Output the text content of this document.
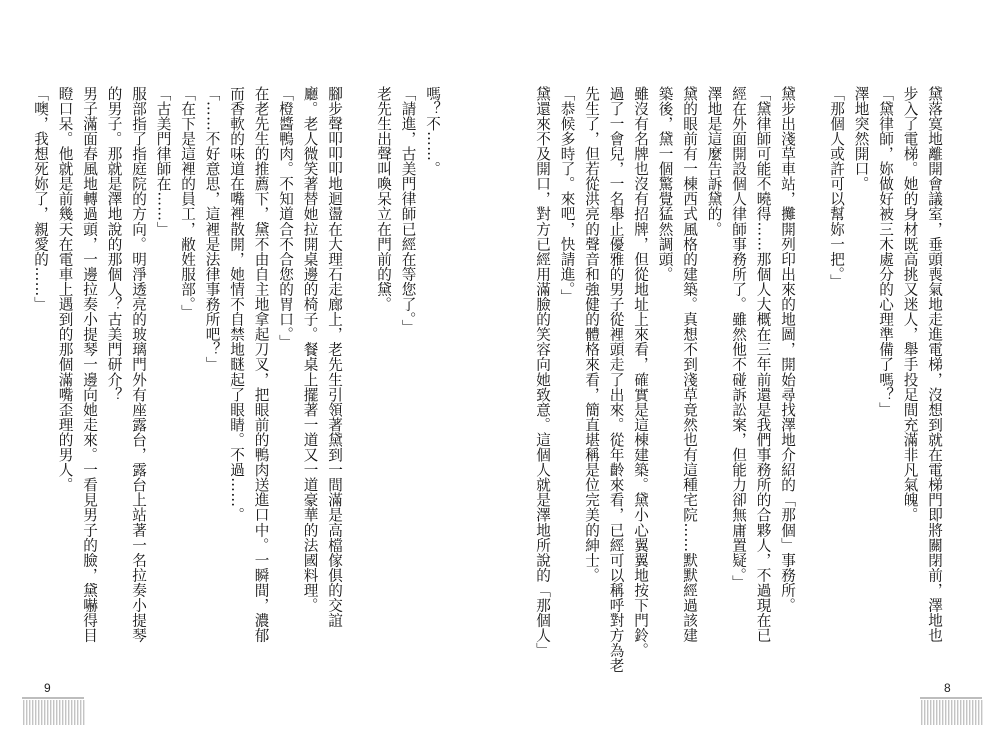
嗎？不……。
「請進，古美門律師已經在等您了。」
老先生出聲叫喚呆立在門前的黛。

腳步聲叩叩叩地迴盪在大理石走廊上，老先生引領著黛到一間滿是高檔傢俱的交誼
廳。老人微笑著替她拉開桌邊的椅子。餐桌上擺著一道又一道豪華的法國料理。
「橙醬鴨肉。不知道合不合您的胃口。」
在老先生的推薦下，黛不由自主地拿起刀叉，把眼前的鴨肉送進口中。一瞬間，濃郁
而香軟的味道在嘴裡散開，她情不自禁地瞇起了眼睛。不過……。
「……不好意思，這裡是法律事務所吧？」
「在下是這裡的員工，敝姓服部。」
「古美門律師在……」
服部指了指庭院的方向。明淨透亮的玻璃門外有座露台，露台上站著一名拉奏小提琴
的男子。那就是澤地說的那個人？古美門研介？
男子滿面春風地轉過頭，一邊拉奏小提琴一邊向她走來。一看見男子的臉，黛嚇得目
瞪口呆。他就是前幾天在電車上遇到的那個滿嘴歪理的男人。
「噢，我想死妳了，親愛的……」
9
黛落寞地離開會議室，垂頭喪氣地走進電梯，沒想到就在電梯門即將關閉前，澤地也
步入了電梯。她的身材既高挑又迷人，舉手投足間充滿非凡氣魄。
「黛律師，妳做好被三木處分的心理準備了嗎？」
澤地突然開口。
「那個人或許可以幫妳一把。」

黛步出淺草車站，攤開列印出來的地圖，開始尋找澤地介紹的「那個」事務所。
「黛律師可能不曉得……那個人大概在三年前還是我們事務所的合夥人，不過現在已
經在外面開設個人律師事務所了。雖然他不碰訴訟案，但能力卻無庸置疑。」
澤地是這麼告訴黛的。
黛的眼前有一棟西式風格的建築。真想不到淺草竟然也有這種宅院……默默經過該建
築後，黛一個驚覺猛然調頭。
雖沒有名牌也沒有招牌，但從地址上來看，確實是這棟建築。黛小心翼翼地按下門鈴。
過了一會兒，一名舉止優雅的男子從裡頭走了出來。從年齡來看，已經可以稱呼對方為老
先生了，但若從洪亮的聲音和強健的體格來看，簡直堪稱是位完美的紳士。
「恭候多時了。來吧，快請進。」
黛還來不及開口，對方已經用滿臉的笑容向她致意。這個人就是澤地所說的「那個人」
8
